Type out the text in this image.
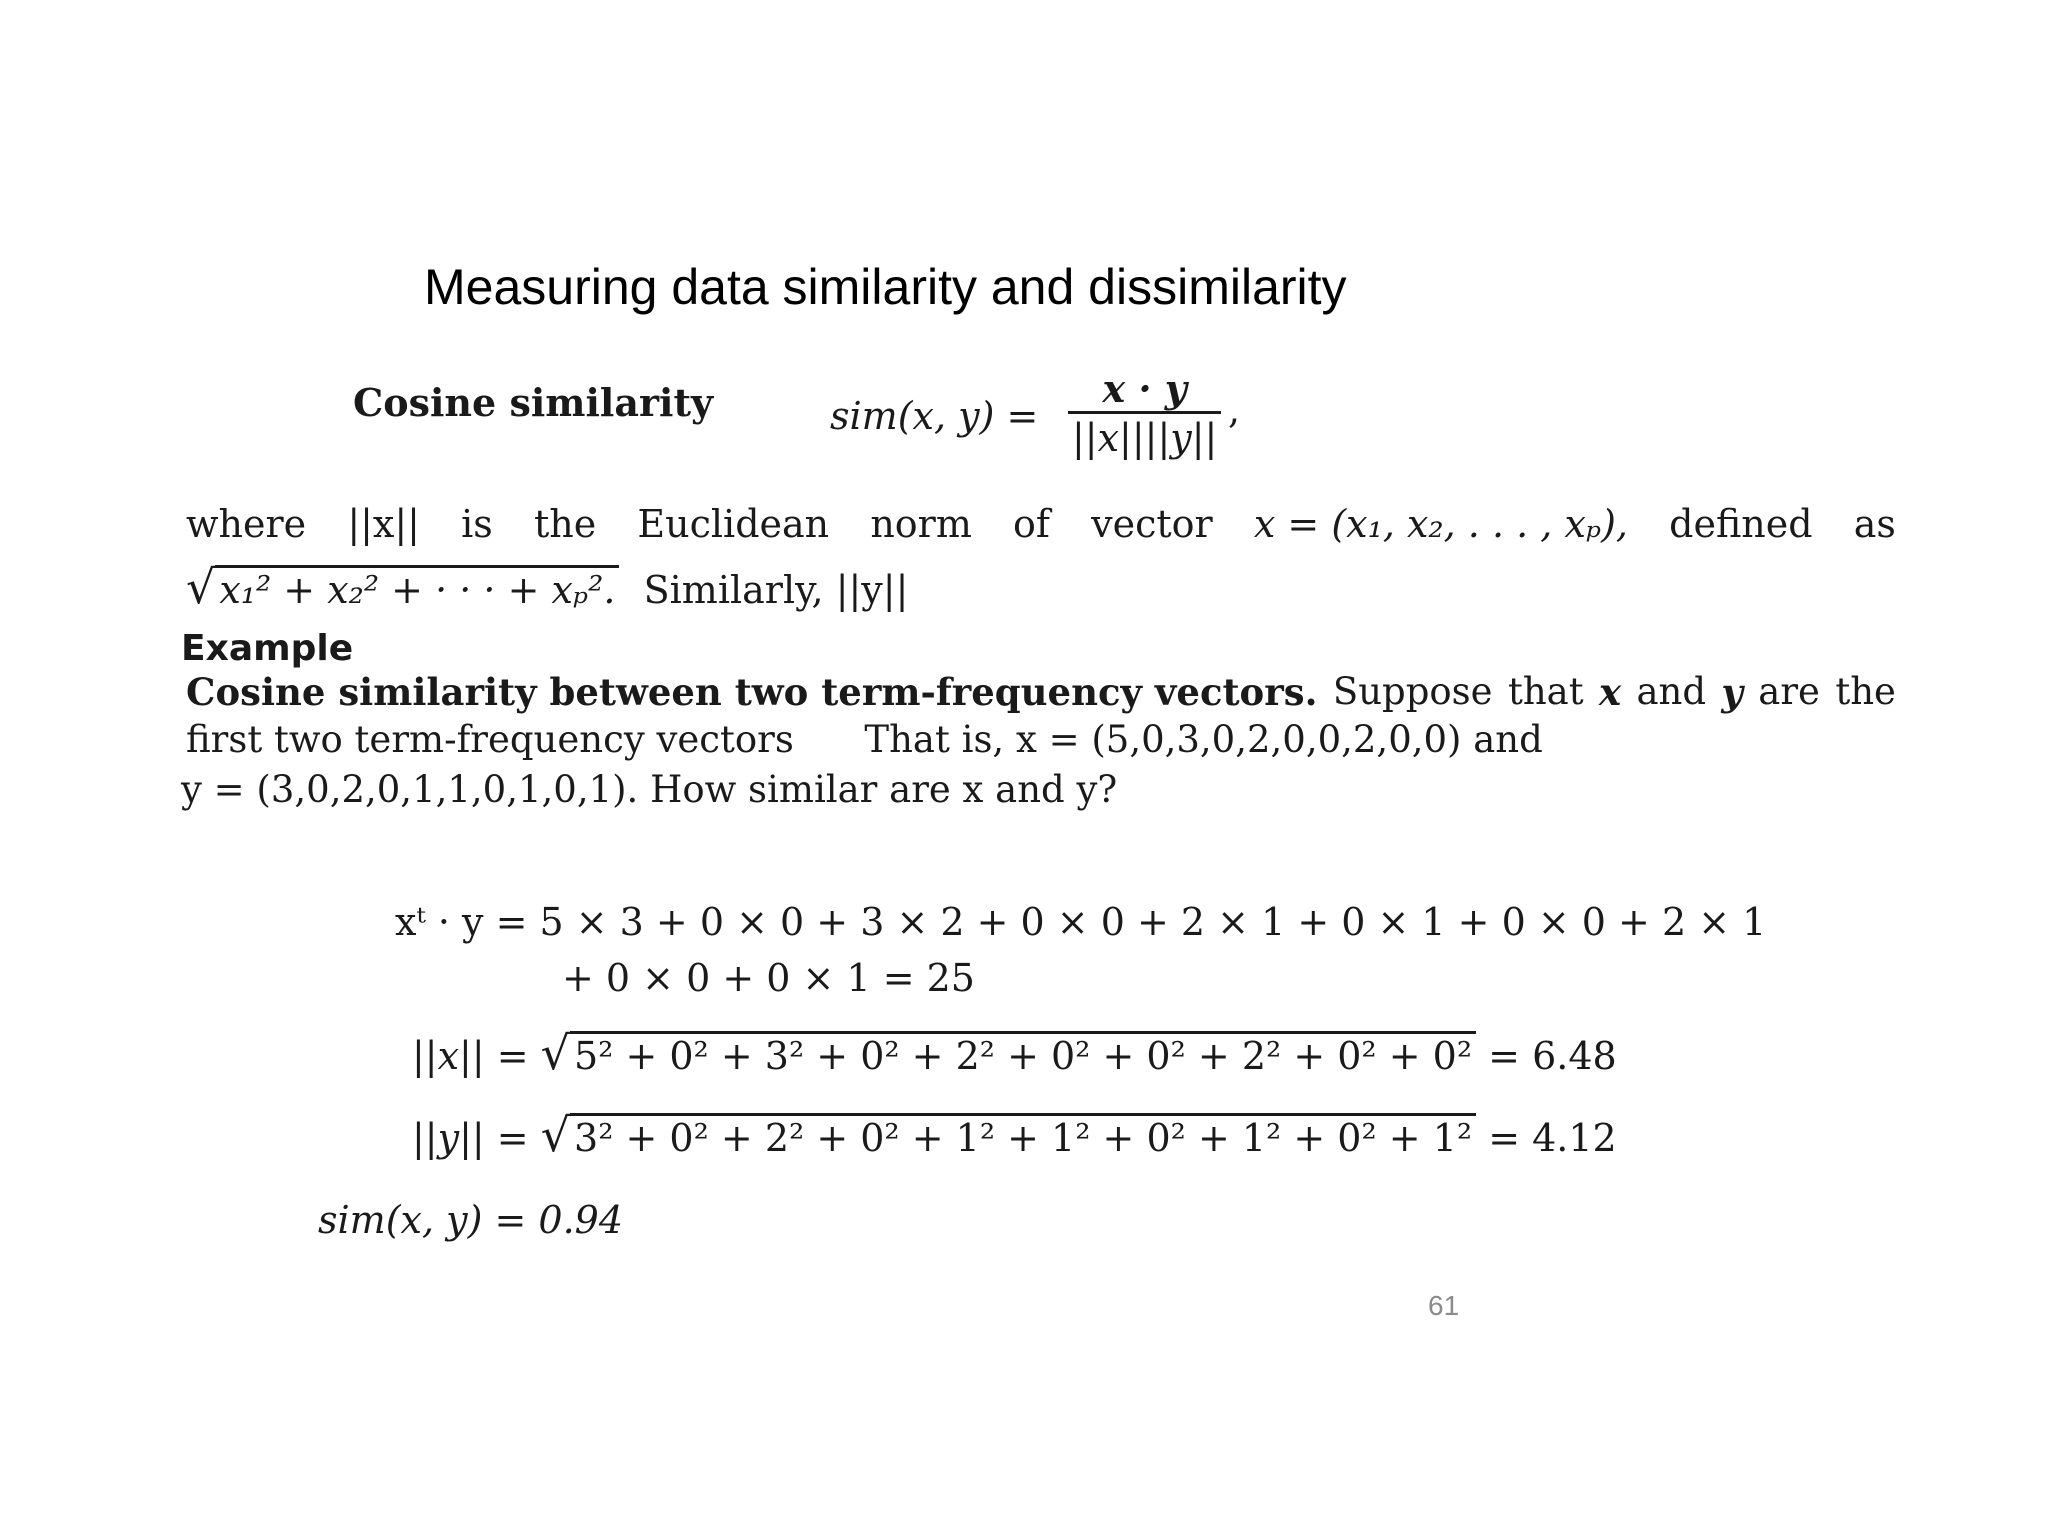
Measuring data similarity and dissimilarity
Cosine similarity	sim(x, $y) = \frac{x \cdot y}{||x||||y||}$ ,
where ||x|| is the Euclidean norm of vector x = (x₁, x₂, . . . , xₚ), defined as
√ x₁² + x₂² + · · · + xₚ². Similarly, ||y||
Example
Cosine similarity between two term-frequency vectors. Suppose that x and y are the
first two term-frequency vectors      That is, x = (5,0,3,0,2,0,0,2,0,0) and
y = (3,0,2,0,1,1,0,1,0,1). How similar are x and y?
xᵗ · y = 5 × 3 + 0 × 0 + 3 × 2 + 0 × 0 + 2 × 1 + 0 × 1 + 0 × 0 + 2 × 1
+ 0 × 0 + 0 × 1 = 25
||x|| = √ 5² + 0² + 3² + 0² + 2² + 0² + 0² + 2² + 0² + 0² = 6.48
||y|| = √ 3² + 0² + 2² + 0² + 1² + 1² + 0² + 1² + 0² + 1² = 4.12
sim(x, y) = 0.94
61
